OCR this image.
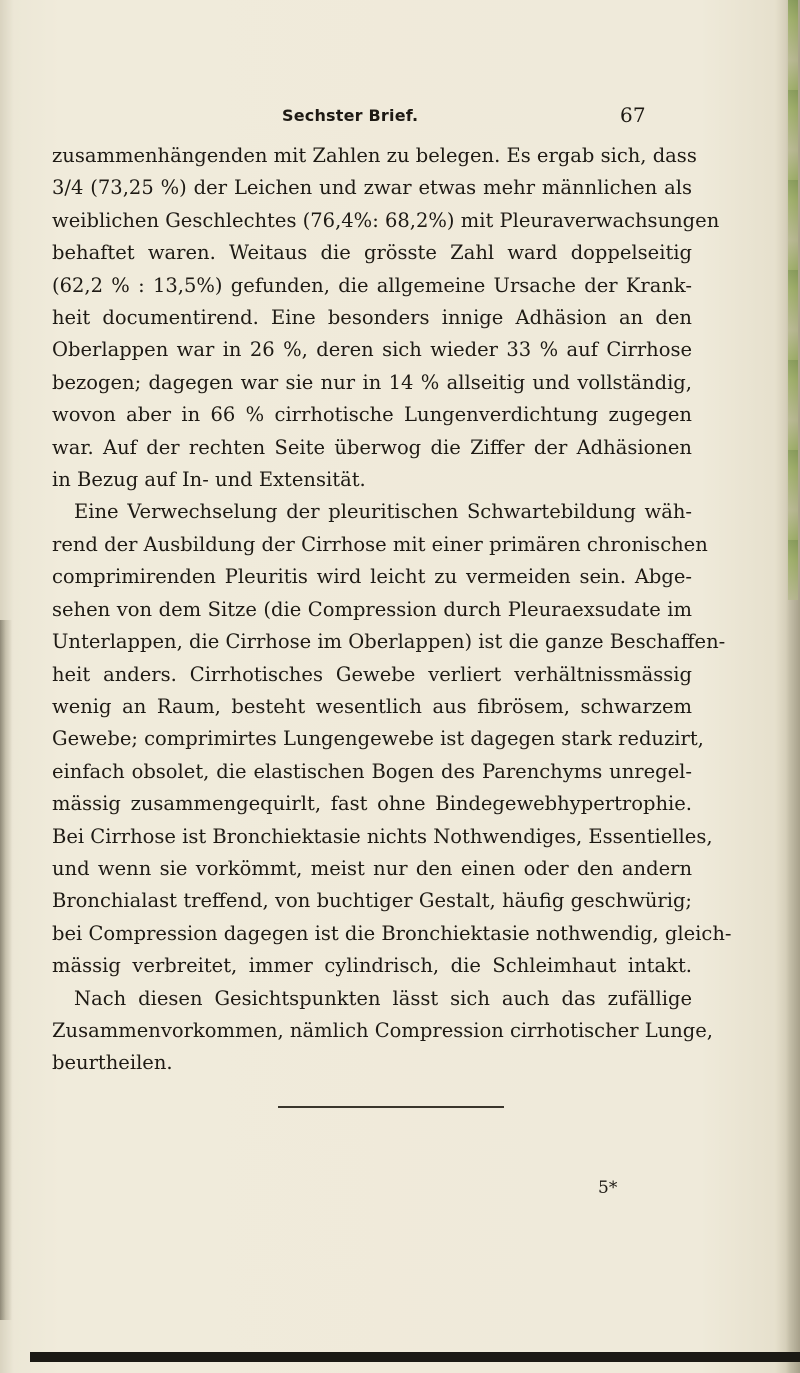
Sechster Brief.	67
zusammenhängenden mit Zahlen zu belegen. Es ergab sich, dass
3/4 (73,25 %) der Leichen und zwar etwas mehr männlichen als
weiblichen Geschlechtes (76,4%: 68,2%) mit Pleuraverwachsungen
behaftet waren. Weitaus die grösste Zahl ward doppelseitig
(62,2 % : 13,5%) gefunden, die allgemeine Ursache der Krank-
heit documentirend. Eine besonders innige Adhäsion an den
Oberlappen war in 26 %, deren sich wieder 33 % auf Cirrhose
bezogen; dagegen war sie nur in 14 % allseitig und vollständig,
wovon aber in 66 % cirrhotische Lungenverdichtung zugegen
war. Auf der rechten Seite überwog die Ziffer der Adhäsionen
in Bezug auf In- und Extensität.
Eine Verwechselung der pleuritischen Schwartebildung wäh-
rend der Ausbildung der Cirrhose mit einer primären chronischen
comprimirenden Pleuritis wird leicht zu vermeiden sein. Abge-
sehen von dem Sitze (die Compression durch Pleuraexsudate im
Unterlappen, die Cirrhose im Oberlappen) ist die ganze Beschaffen-
heit anders. Cirrhotisches Gewebe verliert verhältnissmässig
wenig an Raum, besteht wesentlich aus fibrösem, schwarzem
Gewebe; comprimirtes Lungengewebe ist dagegen stark reduzirt,
einfach obsolet, die elastischen Bogen des Parenchyms unregel-
mässig zusammengequirlt, fast ohne Bindegewebhypertrophie.
Bei Cirrhose ist Bronchiektasie nichts Nothwendiges, Essentielles,
und wenn sie vorkömmt, meist nur den einen oder den andern
Bronchialast treffend, von buchtiger Gestalt, häufig geschwürig;
bei Compression dagegen ist die Bronchiektasie nothwendig, gleich-
mässig verbreitet, immer cylindrisch, die Schleimhaut intakt.
Nach diesen Gesichtspunkten lässt sich auch das zufällige
Zusammenvorkommen, nämlich Compression cirrhotischer Lunge,
beurtheilen.
5*
